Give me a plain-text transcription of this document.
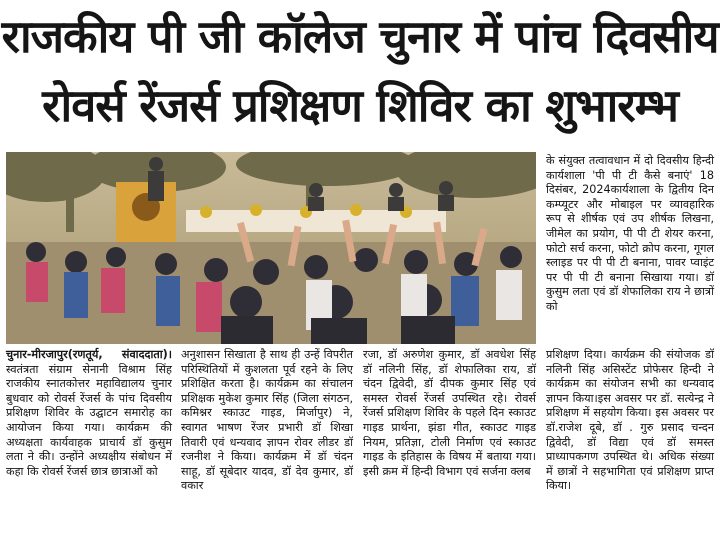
राजकीय पी जी कॉलेज चुनार में पांच दिवसीय
रोवर्स रेंजर्स प्रशिक्षण शिविर का शुभारम्भ

के संयुक्त तत्वावधान में दो दिवसीय हिन्दी कार्यशाला 'पी पी टी कैसे बनाएं' 18 दिसंबर, 2024कार्यशाला के द्वितीय दिन कम्प्यूटर और मोबाइल पर व्यावहारिक रूप से शीर्षक एवं उप शीर्षक लिखना, जीमेल का प्रयोग, पी पी टी शेयर करना, फोटो सर्च करना, फोटो क्रोप करना, गूगल स्लाइड पर पी पी टी बनाना, पावर प्वाइंट पर पी पी टी बनाना सिखाया गया। डॉ कुसुम लता एवं डॉ शेफालिका राय ने छात्रों को

चुनार-मीरजापुर(रणतूर्य, संवाददाता)। स्वतंत्रता संग्राम सेनानी विश्राम सिंह राजकीय स्नातकोत्तर महाविद्यालय चुनार बुधवार को रोवर्स रेंजर्स के पांच दिवसीय प्रशिक्षण शिविर के उद्घाटन समारोह का आयोजन किया गया। कार्यक्रम की अध्यक्षता कार्यवाहक प्राचार्य डॉ कुसुम लता ने की। उन्होंने अध्यक्षीय संबोधन में कहा कि रोवर्स रेंजर्स छात्र छात्राओं को

अनुशासन सिखाता है साथ ही उन्हें विपरीत परिस्थितियों में कुशलता पूर्व रहने के लिए प्रशिक्षित करता है। कार्यक्रम का संचालन प्रशिक्षक मुकेश कुमार सिंह (जिला संगठन, कमिश्नर स्काउट गाइड, मिर्जापुर) ने, स्वागत भाषण रेंजर प्रभारी डॉ शिखा तिवारी एवं धन्यवाद ज्ञापन रोवर लीडर डॉ रजनीश ने किया। कार्यक्रम में डॉ चंदन साहू, डॉ सूबेदार यादव, डॉ देव कुमार, डॉ वकार

रजा, डॉ अरुणेश कुमार, डॉ अवधेश सिंह डॉ नलिनी सिंह, डॉ शेफालिका राय, डॉ चंदन द्विवेदी, डॉ दीपक कुमार सिंह एवं समस्त रोवर्स रेंजर्स उपस्थित रहे। रोवर्स रेंजर्स प्रशिक्षण शिविर के पहले दिन स्काउट गाइड प्रार्थना, झंडा गीत, स्काउट गाइड नियम, प्रतिज्ञा, टोली निर्माण एवं स्काउट गाइड के इतिहास के विषय में बताया गया। इसी क्रम में हिन्दी विभाग एवं सर्जना क्लब

प्रशिक्षण दिया। कार्यक्रम की संयोजक डॉ नलिनी सिंह असिस्टेंट प्रोफेसर हिन्दी ने कार्यक्रम का संयोजन सभी का धन्यवाद ज्ञापन किया।इस अवसर पर डॉ. सत्येन्द्र ने प्रशिक्षण में सहयोग किया। इस अवसर पर डॉ.राजेश दूबे, डॉ . गुरु प्रसाद चन्दन द्विवेदी, डॉ विद्या एवं डॉ समस्त प्राध्यापकगण उपस्थित थे। अधिक संख्या में छात्रों ने सहभागिता एवं प्रशिक्षण प्राप्त किया।
